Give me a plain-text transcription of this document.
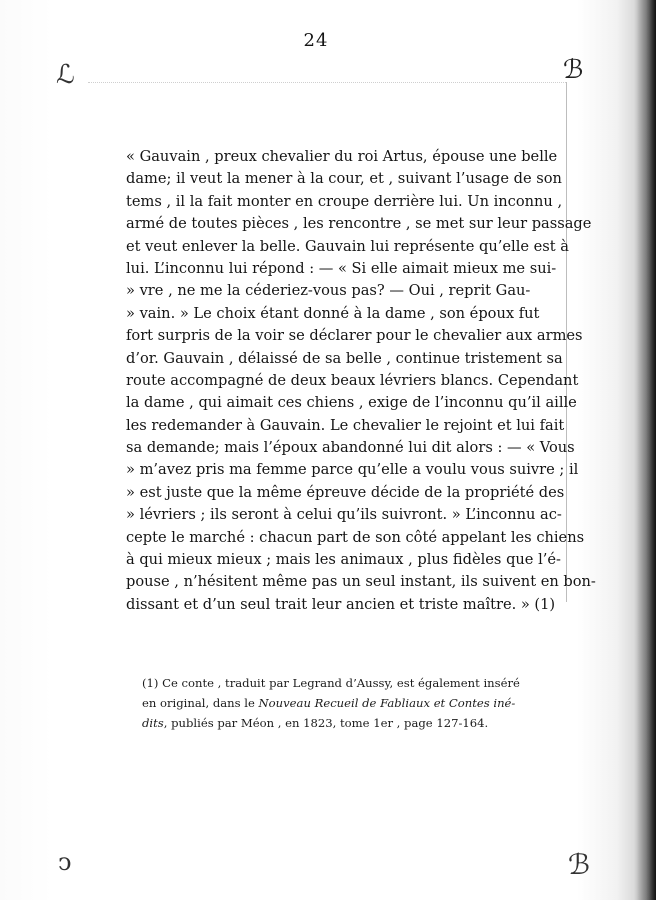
24
ℒ	ℬ
ↄ	ℬ
« Gauvain , preux chevalier du roi Artus, épouse une belle
dame; il veut la mener à la cour, et , suivant l’usage de son
tems , il la fait monter en croupe derrière lui. Un inconnu ,
armé de toutes pièces , les rencontre , se met sur leur passage
et veut enlever la belle. Gauvain lui représente qu’elle est à
lui. L’inconnu lui répond : — « Si elle aimait mieux me sui-
» vre , ne me la céderiez-vous pas? — Oui , reprit Gau-
» vain. » Le choix étant donné à la dame , son époux fut
fort surpris de la voir se déclarer pour le chevalier aux armes
d’or. Gauvain , délaissé de sa belle , continue tristement sa
route accompagné de deux beaux lévriers blancs. Cependant
la dame , qui aimait ces chiens , exige de l’inconnu qu’il aille
les redemander à Gauvain. Le chevalier le rejoint et lui fait
sa demande; mais l’époux abandonné lui dit alors : — « Vous
» m’avez pris ma femme parce qu’elle a voulu vous suivre ; il
» est juste que la même épreuve décide de la propriété des
» lévriers ; ils seront à celui qu’ils suivront. » L’inconnu ac-
cepte le marché : chacun part de son côté appelant les chiens
à qui mieux mieux ; mais les animaux , plus fidèles que l’é-
pouse , n’hésitent même pas un seul instant, ils suivent en bon-
dissant et d’un seul trait leur ancien et triste maître. » (1)
(1) Ce conte , traduit par Legrand d’Aussy, est également inséré
en original, dans le Nouveau Recueil de Fabliaux et Contes iné-
dits, publiés par Méon , en 1823, tome 1er , page 127-164.
